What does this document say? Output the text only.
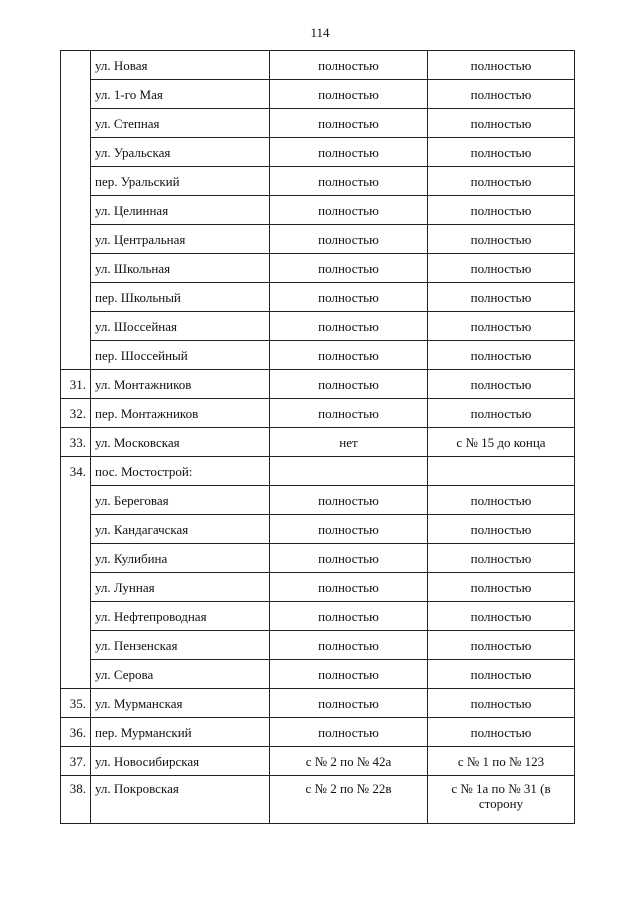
114
	ул. Новая	полностью	полностью
	ул. 1-го Мая	полностью	полностью
	ул. Степная	полностью	полностью
	ул. Уральская	полностью	полностью
	пер. Уральский	полностью	полностью
	ул. Целинная	полностью	полностью
	ул. Центральная	полностью	полностью
	ул. Школьная	полностью	полностью
	пер. Школьный	полностью	полностью
	ул. Шоссейная	полностью	полностью
	пер. Шоссейный	полностью	полностью
31.	ул. Монтажников	полностью	полностью
32.	пер. Монтажников	полностью	полностью
33.	ул. Московская	нет	с № 15 до конца
34.	пос. Мостострой:		
	ул. Береговая	полностью	полностью
	ул. Кандагачская	полностью	полностью
	ул. Кулибина	полностью	полностью
	ул. Лунная	полностью	полностью
	ул. Нефтепроводная	полностью	полностью
	ул. Пензенская	полностью	полностью
	ул. Серова	полностью	полностью
35.	ул. Мурманская	полностью	полностью
36.	пер. Мурманский	полностью	полностью
37.	ул. Новосибирская	с № 2 по № 42а	с № 1 по № 123
38.	ул. Покровская	с № 2 по № 22в	с № 1а по № 31 (в сторону
